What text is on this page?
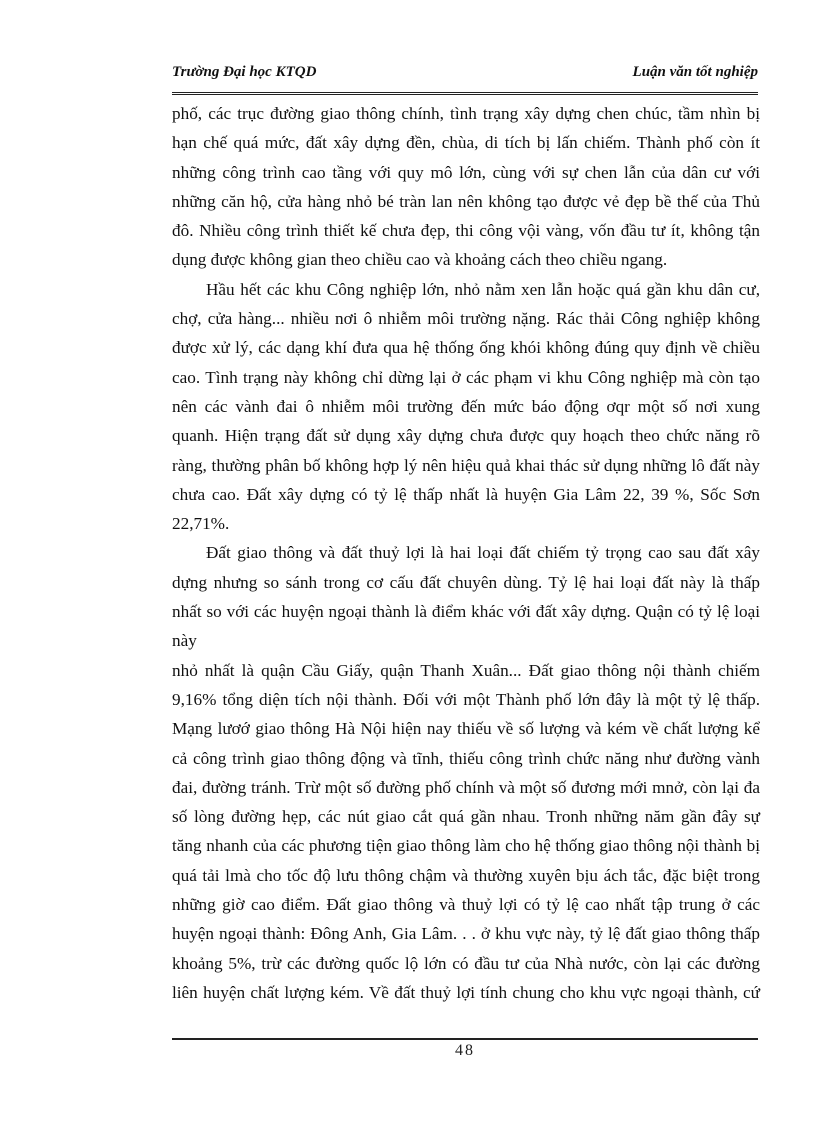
Trường Đại học KTQD	Luận văn tốt nghiệp

phố, các trục đường giao thông chính, tình trạng xây dựng chen chúc, tầm nhìn bị

hạn chế quá mức, đất xây dựng đền, chùa, di tích bị lấn chiếm. Thành phố còn ít

những công trình cao tầng với quy mô lớn, cùng với sự chen lẫn của dân cư với

những căn hộ, cửa hàng nhỏ bé tràn lan nên không tạo được vẻ đẹp bề thế của Thủ

đô. Nhiều công trình thiết kế chưa đẹp, thi công vội vàng, vốn đầu tư ít, không tận

dụng được không gian theo chiều cao và khoảng cách theo chiều ngang.

Hầu hết các khu Công nghiệp lớn, nhỏ nằm xen lẫn hoặc quá gần khu dân cư,

chợ, cửa hàng... nhiều nơi ô nhiễm môi trường nặng. Rác thải Công nghiệp không

được xử lý, các dạng khí đưa qua hệ thống ống khói không đúng quy định về chiều

cao. Tình trạng này không chỉ dừng lại ở các phạm vi khu Công nghiệp mà còn tạo

nên các vành đai ô nhiễm môi trường đến mức báo động ơqr một số nơi xung

quanh. Hiện trạng đất sử dụng xây dựng chưa được quy hoạch theo chức năng rõ

ràng, thường phân bố không hợp lý nên hiệu quả khai thác sử dụng những lô đất này

chưa cao. Đất xây dựng có tỷ lệ thấp nhất là huyện Gia Lâm 22, 39 %, Sốc Sơn

22,71%.

Đất giao thông và đất thuỷ lợi là hai loại đất chiếm tỷ trọng cao sau đất xây

dựng nhưng so sánh trong cơ cấu đất chuyên dùng. Tỷ lệ hai loại đất này là thấp

nhất so với các huyện ngoại thành là điểm khác với đất xây dựng. Quận có tỷ lệ loại

này

nhỏ nhất là quận Cầu Giấy, quận Thanh Xuân... Đất giao thông nội thành chiếm

9,16% tổng diện tích nội thành. Đối với một Thành phố lớn đây là một tỷ lệ thấp.

Mạng lươớ giao thông Hà Nội hiện nay thiếu về số lượng và kém về chất lượng kể

cả công trình giao thông động và tĩnh, thiếu công trình chức năng như đường vành

đai, đường tránh. Trừ một số đường phố chính và một số đương mới mnở, còn lại đa

số lòng đường hẹp, các nút giao cắt quá gần nhau. Tronh những năm gần đây sự

tăng nhanh của các phương tiện giao thông làm cho hệ thống giao thông nội thành bị

quá tải lmà cho tốc độ lưu thông chậm và thường xuyên bịu ách tắc, đặc biệt trong

những giờ cao điểm. Đất giao thông và thuỷ lợi có tỷ lệ cao nhất tập trung ở các

huyện ngoại thành: Đông Anh, Gia Lâm. . . ở khu vực này, tỷ lệ đất giao thông thấp

khoảng 5%, trừ các đường quốc lộ lớn có đầu tư của Nhà nước, còn lại các đường

liên huyện chất lượng kém. Về đất thuỷ lợi tính chung cho khu vực ngoại thành, cứ

48
